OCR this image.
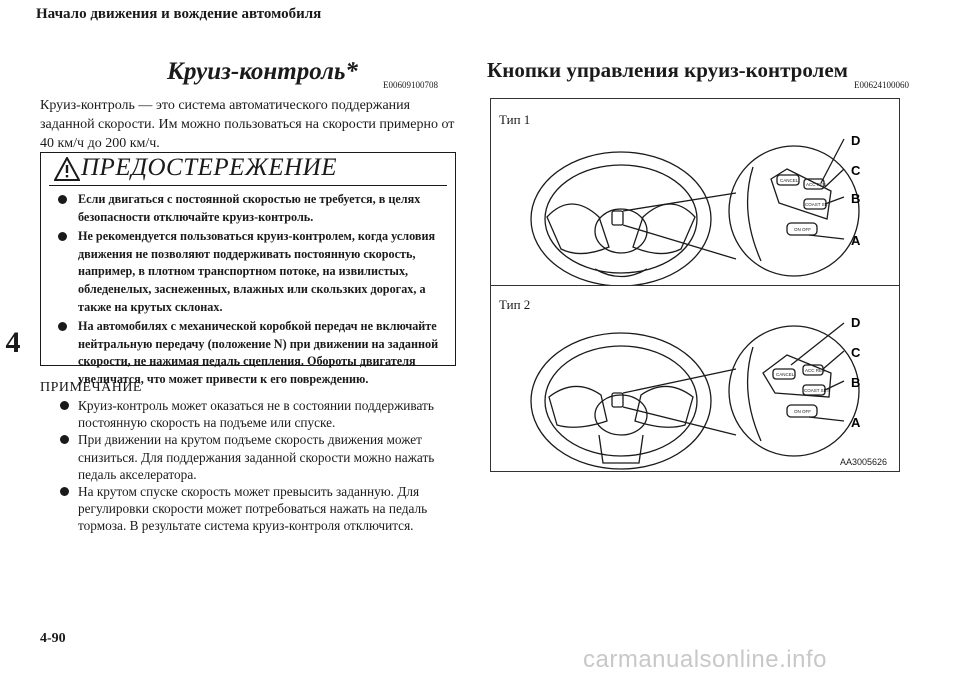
Начало движения и вождение автомобиля
4
Круиз-контроль*	E00609100708
Круиз-контроль — это система автоматического поддержания заданной скорости. Им можно пользоваться на скорости примерно от 40 км/ч до 200 км/ч.
ПРЕДОСТЕРЕЖЕНИЕ
Если двигаться с постоянной скоростью не требуется, в целях безопасности отключайте круиз-контроль.
Не рекомендуется пользоваться круиз-контролем, когда условия движения не позволяют поддерживать постоянную скорость, например, в плотном транспортном потоке, на извилистых, обледенелых, заснеженных, влажных или скользких дорогах, а также на крутых склонах.
На автомобилях с механической коробкой передач не включайте нейтральную передачу (положение N) при движении на заданной скорости, не нажимая педаль сцепления. Обороты двигателя увеличатся, что может привести к его повреждению.
ПРИМЕЧАНИЕ
Круиз-контроль может оказаться не в состоянии поддерживать постоянную скорость на подъеме или спуске.
При движении на крутом подъеме скорость движения может снизиться. Для поддержания заданной скорости можно нажать педаль акселератора.
На крутом спуске скорость может превысить заданную. Для регулировки скорости может потребоваться нажать на педаль тормоза. В результате система круиз-контроля отключится.
Кнопки управления круиз-контролем
E00624100060
Тип 1
Тип 2
CANCEL
ACC RES
COAST SET
ON OFF
D
C
B
A
CANCEL
ACC RES
COAST SET
ON OFF
D
C
B
A
AA3005626
4-90
carmanualsonline.info
